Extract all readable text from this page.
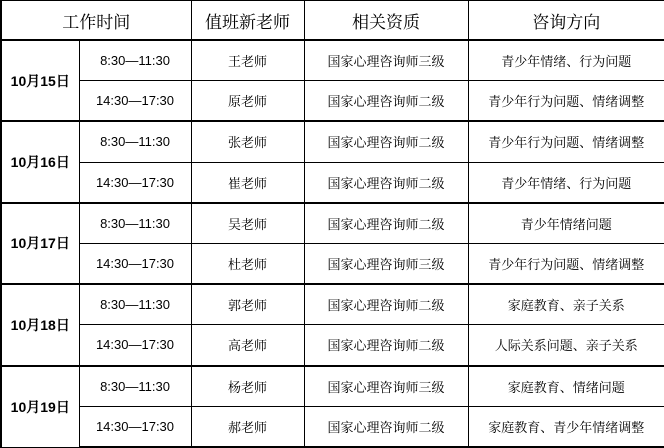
工作时间		值班新老师	相关资质	咨询方向
10月15日	8:30—11:30	王老师	国家心理咨询师三级	青少年情绪、行为问题
	14:30—17:30	原老师	国家心理咨询师二级	青少年行为问题、情绪调整
10月16日	8:30—11:30	张老师	国家心理咨询师二级	青少年行为问题、情绪调整
	14:30—17:30	崔老师	国家心理咨询师二级	青少年情绪、行为问题
10月17日	8:30—11:30	吴老师	国家心理咨询师二级	青少年情绪问题
	14:30—17:30	杜老师	国家心理咨询师三级	青少年行为问题、情绪调整
10月18日	8:30—11:30	郭老师	国家心理咨询师二级	家庭教育、亲子关系
	14:30—17:30	高老师	国家心理咨询师二级	人际关系问题、亲子关系
10月19日	8:30—11:30	杨老师	国家心理咨询师三级	家庭教育、情绪问题
	14:30—17:30	郝老师	国家心理咨询师二级	家庭教育、青少年情绪调整
